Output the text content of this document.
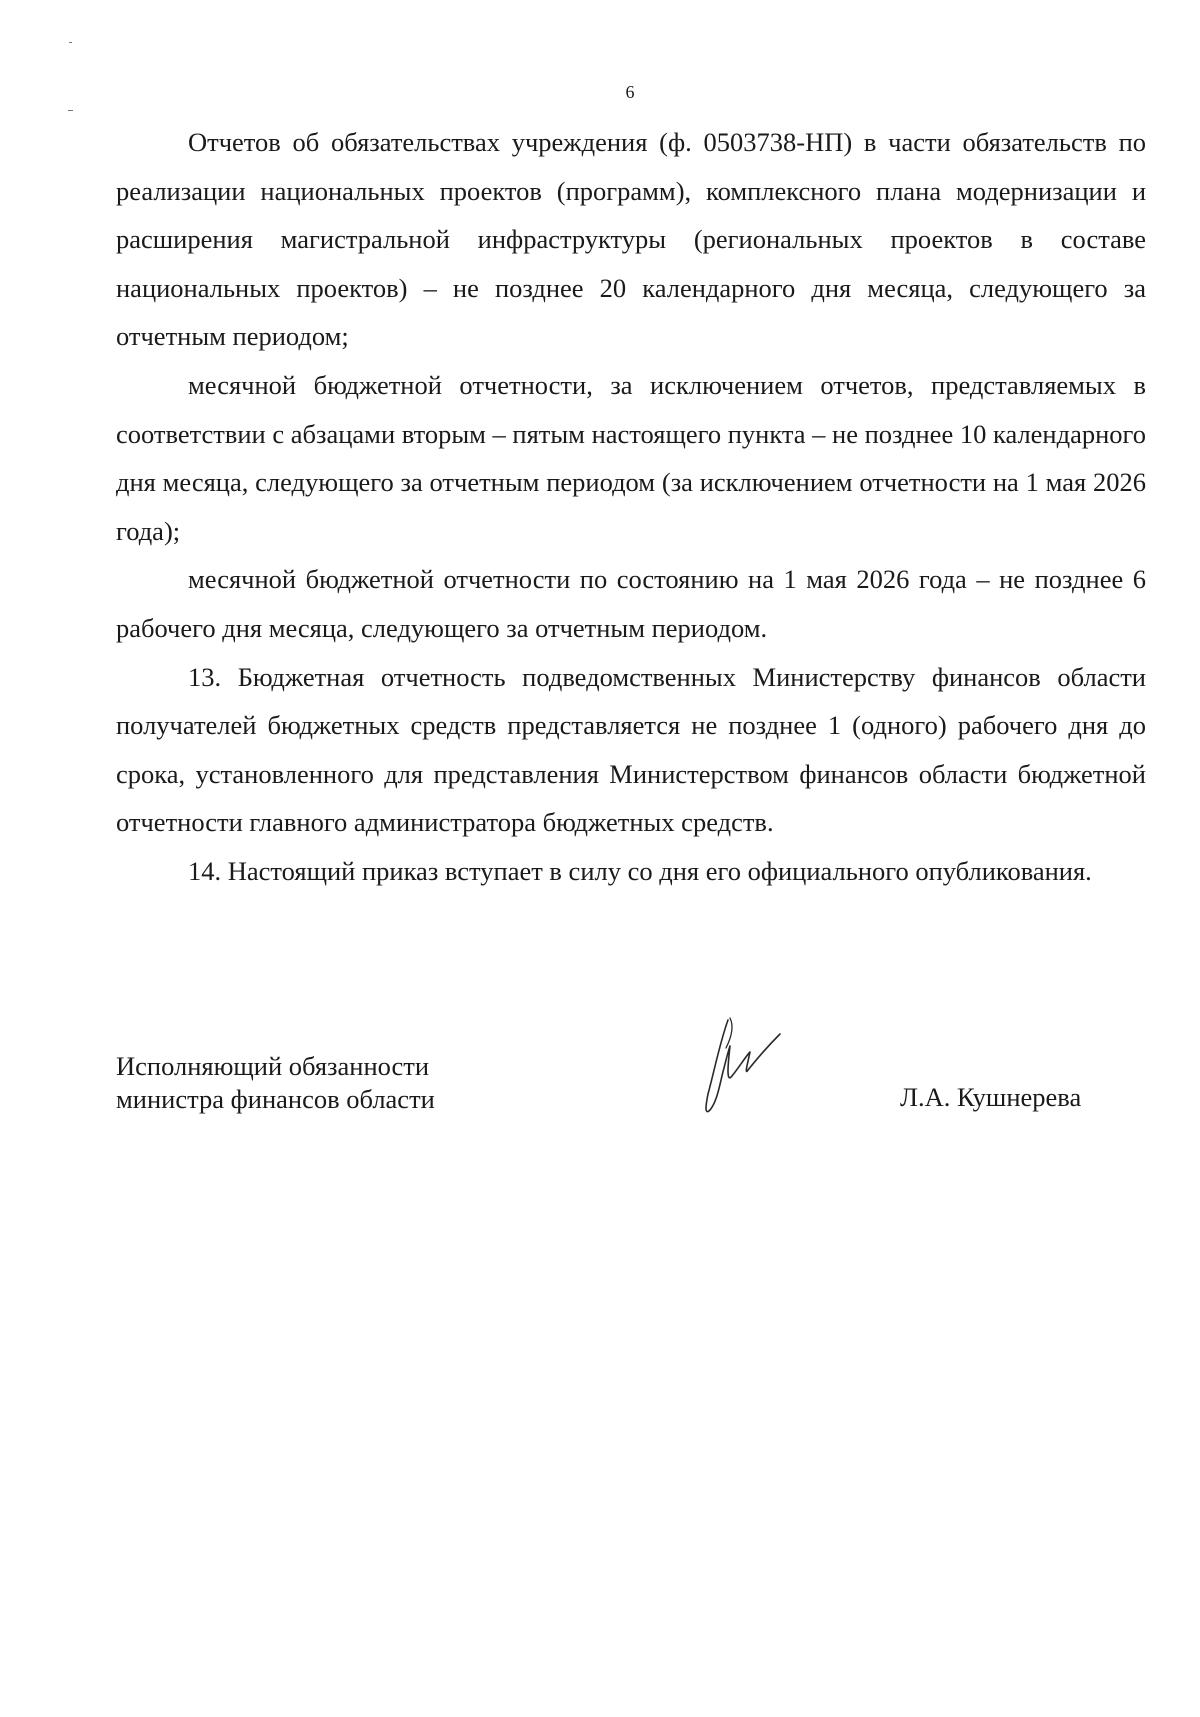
6

Отчетов об обязательствах учреждения (ф. 0503738-НП) в части обязательств по реализации национальных проектов (программ), комплексного плана модернизации и расширения магистральной инфраструктуры (региональных проектов в составе национальных проектов) – не позднее 20 календарного дня месяца, следующего за отчетным периодом;

месячной бюджетной отчетности, за исключением отчетов, представляемых в соответствии с абзацами вторым – пятым настоящего пункта – не позднее 10 календарного дня месяца, следующего за отчетным периодом (за исключением отчетности на 1 мая 2026 года);

месячной бюджетной отчетности по состоянию на 1 мая 2026 года – не позднее 6 рабочего дня месяца, следующего за отчетным периодом.

13. Бюджетная отчетность подведомственных Министерству финансов области получателей бюджетных средств представляется не позднее 1 (одного) рабочего дня до срока, установленного для представления Министерством финансов области бюджетной отчетности главного администратора бюджетных средств.

14. Настоящий приказ вступает в силу со дня его официального опубликования.

Исполняющий обязанности
министра финансов области	Л.А. Кушнерева
